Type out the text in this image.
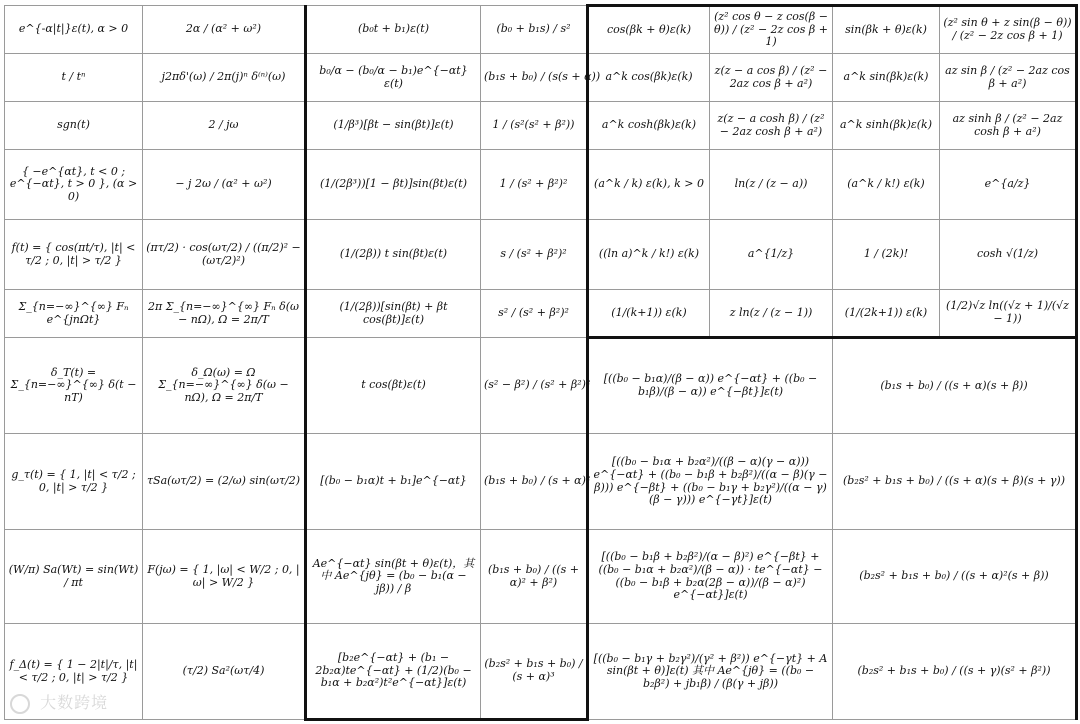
e^{-α|t|}ε(t), α > 0	2α / (α² + ω²)	(b₀t + b₁)ε(t)	(b₀ + b₁s) / s²	cos(βk + θ)ε(k)	(z² cos θ − z cos(β − θ)) / (z² − 2z cos β + 1)	sin(βk + θ)ε(k)	(z² sin θ + z sin(β − θ)) / (z² − 2z cos β + 1)
t / tⁿ	j2πδ'(ω) / 2π(j)ⁿ δ⁽ⁿ⁾(ω)	b₀/α − (b₀/α − b₁)e^{−αt}ε(t)	(b₁s + b₀) / (s(s + α))	a^k cos(βk)ε(k)	z(z − a cos β) / (z² − 2az cos β + a²)	a^k sin(βk)ε(k)	az sin β / (z² − 2az cos β + a²)
sgn(t)	2 / jω	(1/β³)[βt − sin(βt)]ε(t)	1 / (s²(s² + β²))	a^k cosh(βk)ε(k)	z(z − a cosh β) / (z² − 2az cosh β + a²)	a^k sinh(βk)ε(k)	az sinh β / (z² − 2az cosh β + a²)
{ −e^{αt}, t < 0 ; e^{−αt}, t > 0 }, (α > 0)	− j 2ω / (α² + ω²)	(1/(2β³))[1 − βt)]sin(βt)ε(t)	1 / (s² + β²)²	(a^k / k) ε(k), k > 0	ln(z / (z − a))	(a^k / k!) ε(k)	e^{a/z}
f(t) = { cos(πt/τ), |t| < τ/2 ; 0, |t| > τ/2 }	(πτ/2) · cos(ωτ/2) / ((π/2)² − (ωτ/2)²)	(1/(2β)) t sin(βt)ε(t)	s / (s² + β²)²	((ln a)^k / k!) ε(k)	a^{1/z}	1 / (2k)!	cosh √(1/z)
Σ_{n=−∞}^{∞} Fₙ e^{jnΩt}	2π Σ_{n=−∞}^{∞} Fₙ δ(ω − nΩ), Ω = 2π/T	(1/(2β))[sin(βt) + βt cos(βt)]ε(t)	s² / (s² + β²)²	(1/(k+1)) ε(k)	z ln(z / (z − 1))	(1/(2k+1)) ε(k)	(1/2)√z ln((√z + 1)/(√z − 1))
δ_T(t) = Σ_{n=−∞}^{∞} δ(t − nT)	δ_Ω(ω) = Ω Σ_{n=−∞}^{∞} δ(ω − nΩ), Ω = 2π/T	t cos(βt)ε(t)	(s² − β²) / (s² + β²)²	[((b₀ − b₁α)/(β − α)) e^{−αt} + ((b₀ − b₁β)/(β − α)) e^{−βt}]ε(t)		(b₁s + b₀) / ((s + α)(s + β))	
g_τ(t) = { 1, |t| < τ/2 ; 0, |t| > τ/2 }	τSa(ωτ/2) = (2/ω) sin(ωτ/2)	[(b₀ − b₁α)t + b₁]e^{−αt}	(b₁s + b₀) / (s + α)²	[((b₀ − b₁α + b₂α²)/((β − α)(γ − α))) e^{−αt} + ((b₀ − b₁β + b₂β²)/((α − β)(γ − β))) e^{−βt} + ((b₀ − b₁γ + b₂γ²)/((α − γ)(β − γ))) e^{−γt}]ε(t)		(b₂s² + b₁s + b₀) / ((s + α)(s + β)(s + γ))	
(W/π) Sa(Wt) = sin(Wt) / πt	F(jω) = { 1, |ω| < W/2 ; 0, |ω| > W/2 }	Ae^{−αt} sin(βt + θ)ε(t)，其中 Ae^{jθ} = (b₀ − b₁(α − jβ)) / β	(b₁s + b₀) / ((s + α)² + β²)	[((b₀ − b₁β + b₂β²)/(α − β)²) e^{−βt} + ((b₀ − b₁α + b₂α²)/(β − α)) · te^{−αt} − ((b₀ − b₁β + b₂α(2β − α))/(β − α)²) e^{−αt}]ε(t)		(b₂s² + b₁s + b₀) / ((s + α)²(s + β))	
f_Δ(t) = { 1 − 2|t|/τ, |t| < τ/2 ; 0, |t| > τ/2 }	(τ/2) Sa²(ωτ/4)	[b₂e^{−αt} + (b₁ − 2b₂α)te^{−αt} + (1/2)(b₀ − b₁α + b₂α²)t²e^{−αt}]ε(t)	(b₂s² + b₁s + b₀) / (s + α)³	[((b₀ − b₁γ + b₂γ²)/(γ² + β²)) e^{−γt} + A sin(βt + θ)]ε(t) 其中 Ae^{jθ} = ((b₀ − b₂β²) + jb₁β) / (β(γ + jβ))		(b₂s² + b₁s + b₀) / ((s + γ)(s² + β²))	
大数跨境
